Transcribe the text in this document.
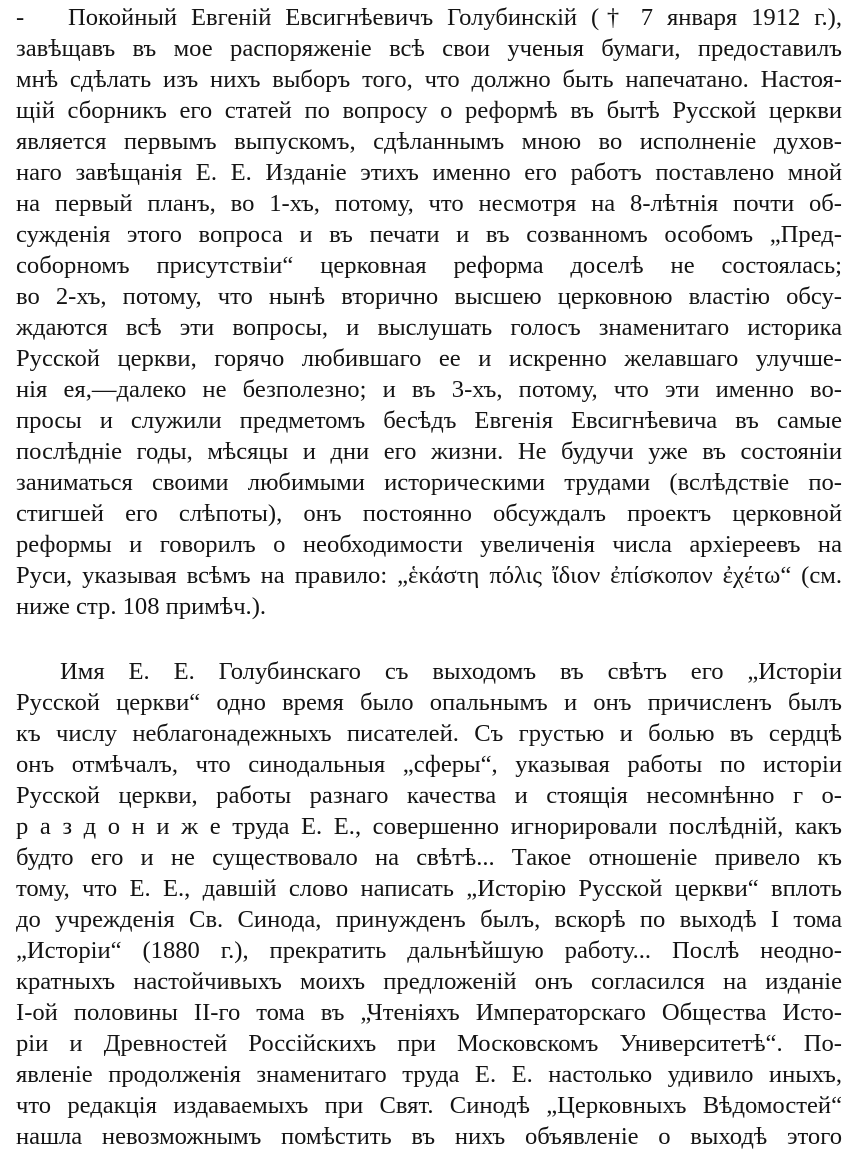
- Покойный Евгеній Евсигнѣевичъ Голубинскій († 7 января 1912 г.),
завѣщавъ въ мое распоряженіе всѣ свои ученыя бумаги, предоставилъ
мнѣ сдѣлать изъ нихъ выборъ того, что должно быть напечатано. Настоя-
щій сборникъ его статей по вопросу о реформѣ въ бытѣ Русской церкви
является первымъ выпускомъ, сдѣланнымъ мною во исполненіе духов-
наго завѣщанія Е. Е. Изданіе этихъ именно его работъ поставлено мной
на первый планъ, во 1-хъ, потому, что несмотря на 8-лѣтнія почти об-
сужденія этого вопроса и въ печати и въ созванномъ особомъ „Пред-
соборномъ присутствіи“ церковная реформа доселѣ не состоялась;
во 2-хъ, потому, что нынѣ вторично высшею церковною властію обсу-
ждаются всѣ эти вопросы, и выслушать голосъ знаменитаго историка
Русской церкви, горячо любившаго ее и искренно желавшаго улучше-
нія ея,—далеко не безполезно; и въ 3-хъ, потому, что эти именно во-
просы и служили предметомъ бесѣдъ Евгенія Евсигнѣевича въ самые
послѣдніе годы, мѣсяцы и дни его жизни. Не будучи уже въ состояніи
заниматься своими любимыми историческими трудами (вслѣдствіе по-
стигшей его слѣпоты), онъ постоянно обсуждалъ проектъ церковной
реформы и говорилъ о необходимости увеличенія числа архіереевъ на
Руси, указывая всѣмъ на правило: „ἑκάστη πόλις ἴδιον ἐπίσκοπον ἐχέτω“ (см.
ниже стр. 108 примѣч.).
Имя Е. Е. Голубинскаго съ выходомъ въ свѣтъ его „Исторіи
Русской церкви“ одно время было опальнымъ и онъ причисленъ былъ
къ числу неблагонадежныхъ писателей. Съ грустью и болью въ сердцѣ
онъ отмѣчалъ, что синодальныя „сферы“, указывая работы по исторіи
Русской церкви, работы разнаго качества и стоящія несомнѣнно г о-
р а з д о н и ж е труда Е. Е., совершенно игнорировали послѣдній, какъ
будто его и не существовало на свѣтѣ... Такое отношеніе привело къ
тому, что Е. Е., давшій слово написать „Исторію Русской церкви“ вплоть
до учрежденія Св. Синода, принужденъ былъ, вскорѣ по выходѣ I тома
„Исторіи“ (1880 г.), прекратить дальнѣйшую работу... Послѣ неодно-
кратныхъ настойчивыхъ моихъ предложеній онъ согласился на изданіе
I-ой половины II-го тома въ „Чтеніяхъ Императорскаго Общества Исто-
ріи и Древностей Россійскихъ при Московскомъ Университетѣ“. По-
явленіе продолженія знаменитаго труда Е. Е. настолько удивило иныхъ,
что редакція издаваемыхъ при Свят. Синодѣ „Церковныхъ Вѣдомостей“
нашла невозможнымъ помѣстить въ нихъ объявленіе о выходѣ этого
